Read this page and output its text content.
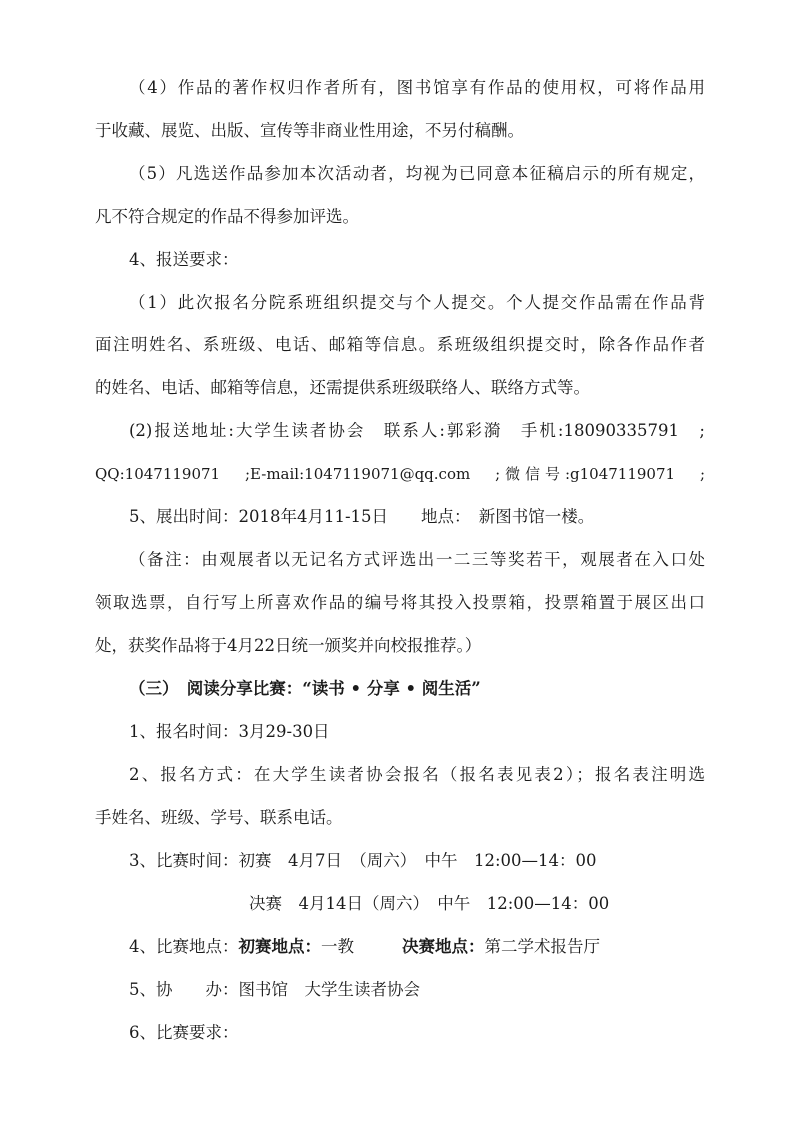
（4）作品的著作权归作者所有，图书馆享有作品的使用权，可将作品用
于收藏、展览、出版、宣传等非商业性用途，不另付稿酬。
（5）凡选送作品参加本次活动者，均视为已同意本征稿启示的所有规定，
凡不符合规定的作品不得参加评选。
4、报送要求：
（1）此次报名分院系班组织提交与个人提交。个人提交作品需在作品背
面注明姓名、系班级、电话、邮箱等信息。系班级组织提交时，除各作品作者
的姓名、电话、邮箱等信息，还需提供系班级联络人、联络方式等。
(2)报送地址:大学生读者协会　联系人:郭彩漪　手机:18090335791　;
QQ:1047119071　;E-mail:1047119071@qq.com　;微信号:g1047119071　;
5、展出时间：2018年4月11-15日　　地点：　新图书馆一楼。
（备注：由观展者以无记名方式评选出一二三等奖若干，观展者在入口处
领取选票，自行写上所喜欢作品的编号将其投入投票箱，投票箱置于展区出口
处，获奖作品将于4月22日统一颁奖并向校报推荐。）
（三）　阅读分享比赛：“读书 • 分享 • 阅生活”
1、报名时间：3月29-30日
2、报名方式：在大学生读者协会报名（报名表见表2）；报名表注明选
手姓名、班级、学号、联系电话。
3、比赛时间：初赛　4月7日　（周六）　中午　12:00—14：00
决赛　4月14日（周六）　中午　12:00—14：00
4、比赛地点：初赛地点：一教	决赛地点：第二学术报告厅
5、协　　办：图书馆　大学生读者协会
6、比赛要求：
